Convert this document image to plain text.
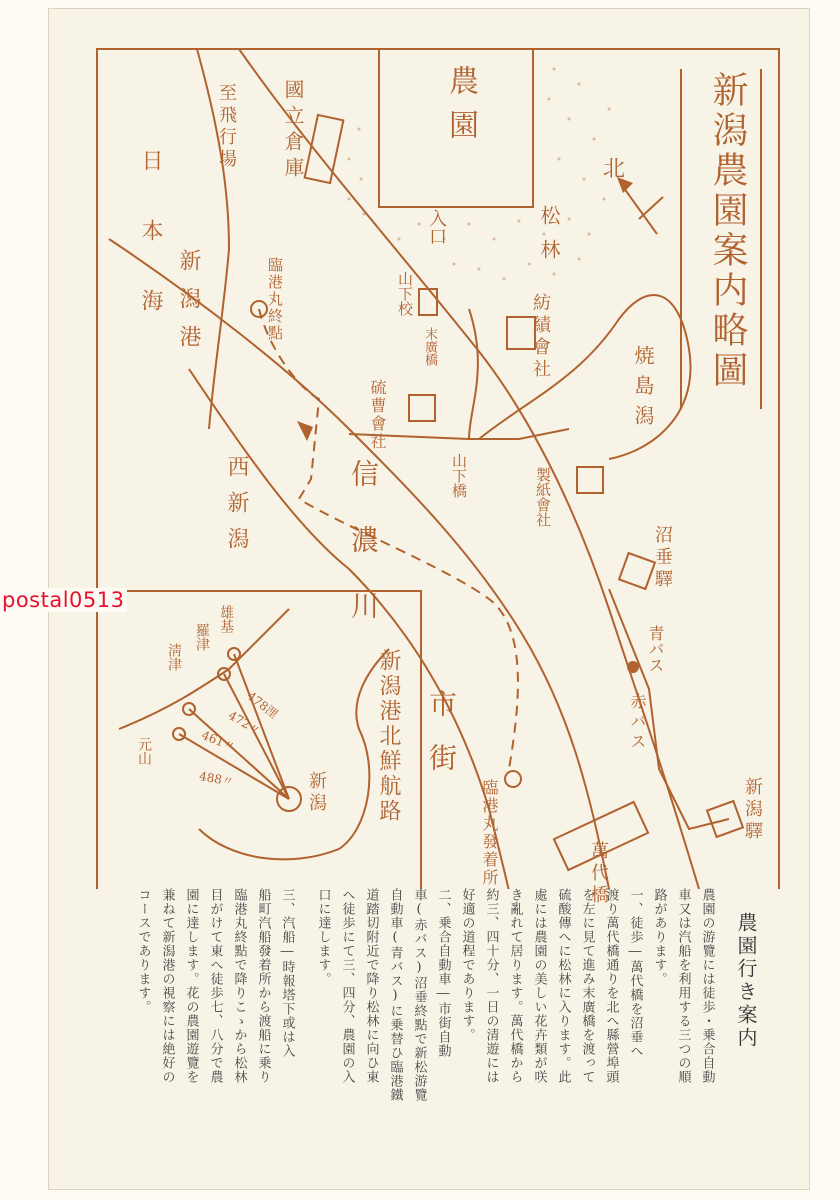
新潟農園案内略圖
農園
入口	松林
國立倉庫
至飛行場
日本海 新潟港	臨港丸終點	山下校
末廣橋	紡績會社
硫曹會社	焼島潟
山下橋	製紙會社
沼垂驛
青バス
赤バス
新潟驛
萬代橋
臨港丸發着所
西新潟	信濃川
市街
北
新潟港北鮮航路
新潟
雄基
羅津
淸津
元山
478浬
472〃
461〃
488〃
postal0513
農園行き案内
農園の游覽には徒歩・乗合自動
車又は汽船を利用する三つの順
路があります。
一、徒歩―萬代橋を沼垂へ
渡り萬代橋通りを北へ縣營埠頭
を左に見て進み末廣橋を渡って
硫酸傳へに松林に入ります。此
處には農園の美しい花卉類が咲
き亂れて居ります。萬代橋から
約三、四十分、一日の清遊には
好適の道程であります。
二、乗合自動車―市街自動
車(赤バス)沼垂終點で新松游覽
自動車(青バス)に乗替ひ臨港鐵
道踏切附近で降り松林に向ひ東
へ徒歩にて三、四分、農園の入
口に達します。
三、汽船―時報塔下或は入
船町汽船發着所から渡船に乗り
臨港丸終點で降りこゝから松林
目がけて東へ徒歩七、八分で農
園に達します。花の農園遊覽を
兼ねて新潟港の視察には絶好の
コースであります。
